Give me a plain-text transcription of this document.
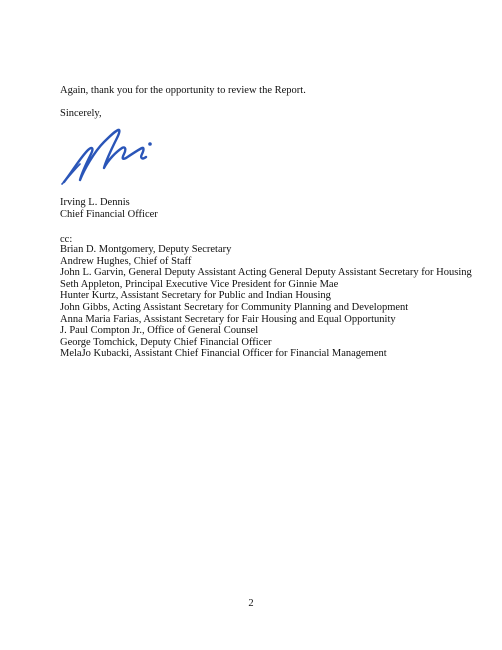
Again, thank you for the opportunity to review the Report.
Sincerely,
Irving L. Dennis
Chief Financial Officer
cc:
Brian D. Montgomery, Deputy Secretary
Andrew Hughes, Chief of Staff
John L. Garvin, General Deputy Assistant Acting General Deputy Assistant Secretary for Housing
Seth Appleton, Principal Executive Vice President for Ginnie Mae
Hunter Kurtz, Assistant Secretary for Public and Indian Housing
John Gibbs, Acting Assistant Secretary for Community Planning and Development
Anna Maria Farias, Assistant Secretary for Fair Housing and Equal Opportunity
J. Paul Compton Jr., Office of General Counsel
George Tomchick, Deputy Chief Financial Officer
MelaJo Kubacki, Assistant Chief Financial Officer for Financial Management
2
